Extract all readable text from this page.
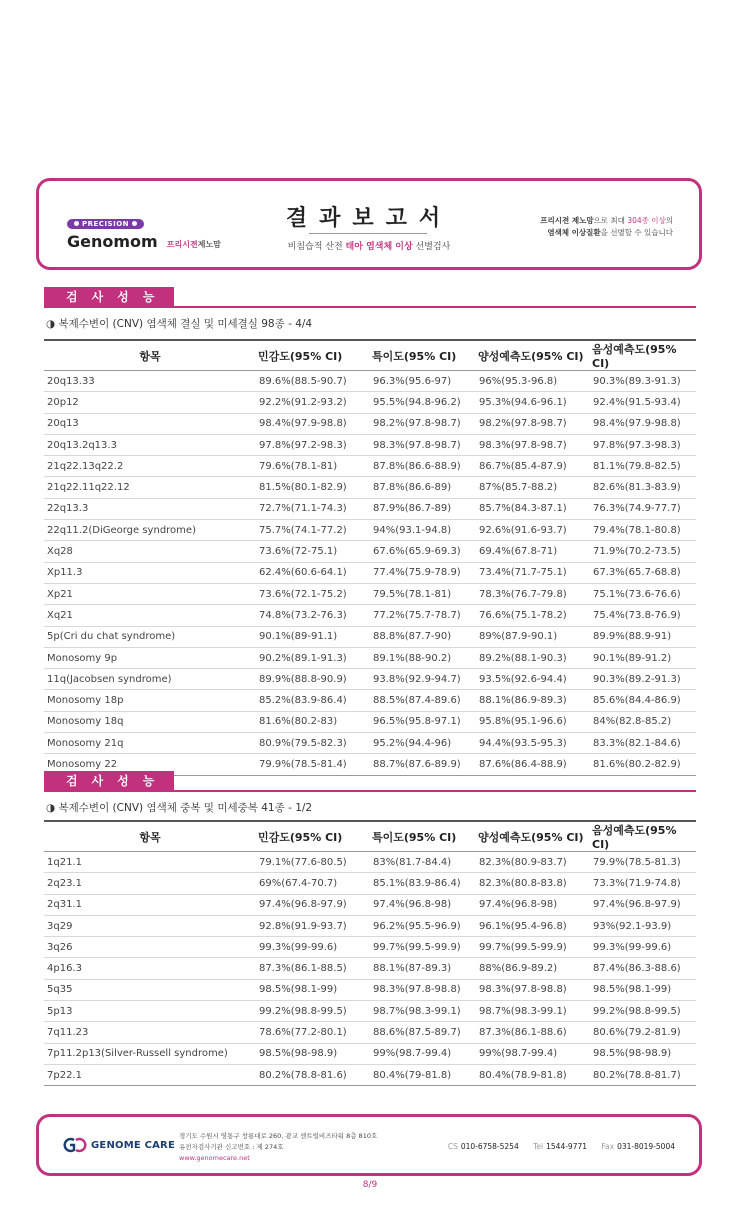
PRECISION
Genomom 프리시젼제노맘
결과보고서
비침습적 산전 태아 염색체 이상 선별검사
프리시젼 제노맘으로 최대 304종 이상의
염색체 이상질환을 선별할 수 있습니다
검사성능
◑ 복제수변이 (CNV) 염색체 결실 및 미세결실 98종 - 4/4
항목	민감도(95% CI)	특이도(95% CI)	양성예측도(95% CI)	음성예측도(95% CI)
20q13.33	89.6%(88.5-90.7)	96.3%(95.6-97)	96%(95.3-96.8)	90.3%(89.3-91.3)
20p12	92.2%(91.2-93.2)	95.5%(94.8-96.2)	95.3%(94.6-96.1)	92.4%(91.5-93.4)
20q13	98.4%(97.9-98.8)	98.2%(97.8-98.7)	98.2%(97.8-98.7)	98.4%(97.9-98.8)
20q13.2q13.3	97.8%(97.2-98.3)	98.3%(97.8-98.7)	98.3%(97.8-98.7)	97.8%(97.3-98.3)
21q22.13q22.2	79.6%(78.1-81)	87.8%(86.6-88.9)	86.7%(85.4-87.9)	81.1%(79.8-82.5)
21q22.11q22.12	81.5%(80.1-82.9)	87.8%(86.6-89)	87%(85.7-88.2)	82.6%(81.3-83.9)
22q13.3	72.7%(71.1-74.3)	87.9%(86.7-89)	85.7%(84.3-87.1)	76.3%(74.9-77.7)
22q11.2(DiGeorge syndrome)	75.7%(74.1-77.2)	94%(93.1-94.8)	92.6%(91.6-93.7)	79.4%(78.1-80.8)
Xq28	73.6%(72-75.1)	67.6%(65.9-69.3)	69.4%(67.8-71)	71.9%(70.2-73.5)
Xp11.3	62.4%(60.6-64.1)	77.4%(75.9-78.9)	73.4%(71.7-75.1)	67.3%(65.7-68.8)
Xp21	73.6%(72.1-75.2)	79.5%(78.1-81)	78.3%(76.7-79.8)	75.1%(73.6-76.6)
Xq21	74.8%(73.2-76.3)	77.2%(75.7-78.7)	76.6%(75.1-78.2)	75.4%(73.8-76.9)
5p(Cri du chat syndrome)	90.1%(89-91.1)	88.8%(87.7-90)	89%(87.9-90.1)	89.9%(88.9-91)
Monosomy 9p	90.2%(89.1-91.3)	89.1%(88-90.2)	89.2%(88.1-90.3)	90.1%(89-91.2)
11q(Jacobsen syndrome)	89.9%(88.8-90.9)	93.8%(92.9-94.7)	93.5%(92.6-94.4)	90.3%(89.2-91.3)
Monosomy 18p	85.2%(83.9-86.4)	88.5%(87.4-89.6)	88.1%(86.9-89.3)	85.6%(84.4-86.9)
Monosomy 18q	81.6%(80.2-83)	96.5%(95.8-97.1)	95.8%(95.1-96.6)	84%(82.8-85.2)
Monosomy 21q	80.9%(79.5-82.3)	95.2%(94.4-96)	94.4%(93.5-95.3)	83.3%(82.1-84.6)
Monosomy 22	79.9%(78.5-81.4)	88.7%(87.6-89.9)	87.6%(86.4-88.9)	81.6%(80.2-82.9)
검사성능
◑ 복제수변이 (CNV) 염색체 중복 및 미세중복 41종 - 1/2
항목	민감도(95% CI)	특이도(95% CI)	양성예측도(95% CI)	음성예측도(95% CI)
1q21.1	79.1%(77.6-80.5)	83%(81.7-84.4)	82.3%(80.9-83.7)	79.9%(78.5-81.3)
2q23.1	69%(67.4-70.7)	85.1%(83.9-86.4)	82.3%(80.8-83.8)	73.3%(71.9-74.8)
2q31.1	97.4%(96.8-97.9)	97.4%(96.8-98)	97.4%(96.8-98)	97.4%(96.8-97.9)
3q29	92.8%(91.9-93.7)	96.2%(95.5-96.9)	96.1%(95.4-96.8)	93%(92.1-93.9)
3q26	99.3%(99-99.6)	99.7%(99.5-99.9)	99.7%(99.5-99.9)	99.3%(99-99.6)
4p16.3	87.3%(86.1-88.5)	88.1%(87-89.3)	88%(86.9-89.2)	87.4%(86.3-88.6)
5q35	98.5%(98.1-99)	98.3%(97.8-98.8)	98.3%(97.8-98.8)	98.5%(98.1-99)
5p13	99.2%(98.8-99.5)	98.7%(98.3-99.1)	98.7%(98.3-99.1)	99.2%(98.8-99.5)
7q11.23	78.6%(77.2-80.1)	88.6%(87.5-89.7)	87.3%(86.1-88.6)	80.6%(79.2-81.9)
7p11.2p13(Silver-Russell syndrome)	98.5%(98-98.9)	99%(98.7-99.4)	99%(98.7-99.4)	98.5%(98-98.9)
7p22.1	80.2%(78.8-81.6)	80.4%(79-81.8)	80.4%(78.9-81.8)	80.2%(78.8-81.7)
GENOME CARE
경기도 수원시 영통구 창룡대로 260, 광교 센트럴비즈타워 8층 810호
유전자검사기관 신고번호 : 제 274호
www.genomecare.net
CS 010-6758-5254 Tel 1544-9771 Fax 031-8019-5004
8/9
